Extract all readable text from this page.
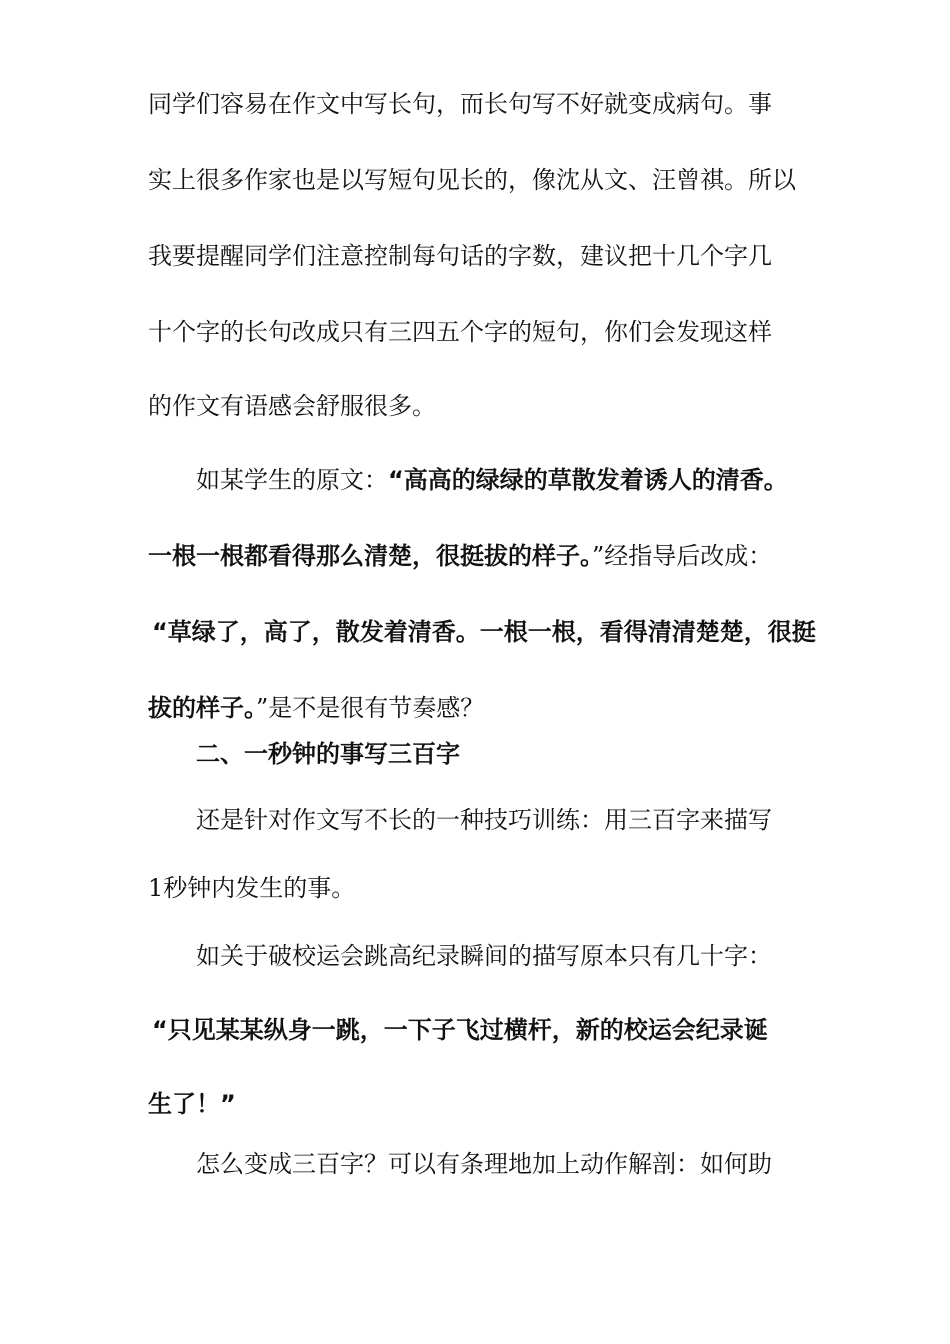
同学们容易在作文中写长句，而长句写不好就变成病句。事
实上很多作家也是以写短句见长的，像沈从文、汪曾祺。所以
我要提醒同学们注意控制每句话的字数，建议把十几个字几
十个字的长句改成只有三四五个字的短句，你们会发现这样
的作文有语感会舒服很多。
如某学生的原文：“高高的绿绿的草散发着诱人的清香。
一根一根都看得那么清楚，很挺拔的样子。”经指导后改成：
“草绿了，高了，散发着清香。一根一根，看得清清楚楚，很挺
拔的样子。”是不是很有节奏感？
二、一秒钟的事写三百字
还是针对作文写不长的一种技巧训练：用三百字来描写
1秒钟内发生的事。
如关于破校运会跳高纪录瞬间的描写原本只有几十字：
“只见某某纵身一跳，一下子飞过横杆，新的校运会纪录诞
生了！”
怎么变成三百字？可以有条理地加上动作解剖：如何助
